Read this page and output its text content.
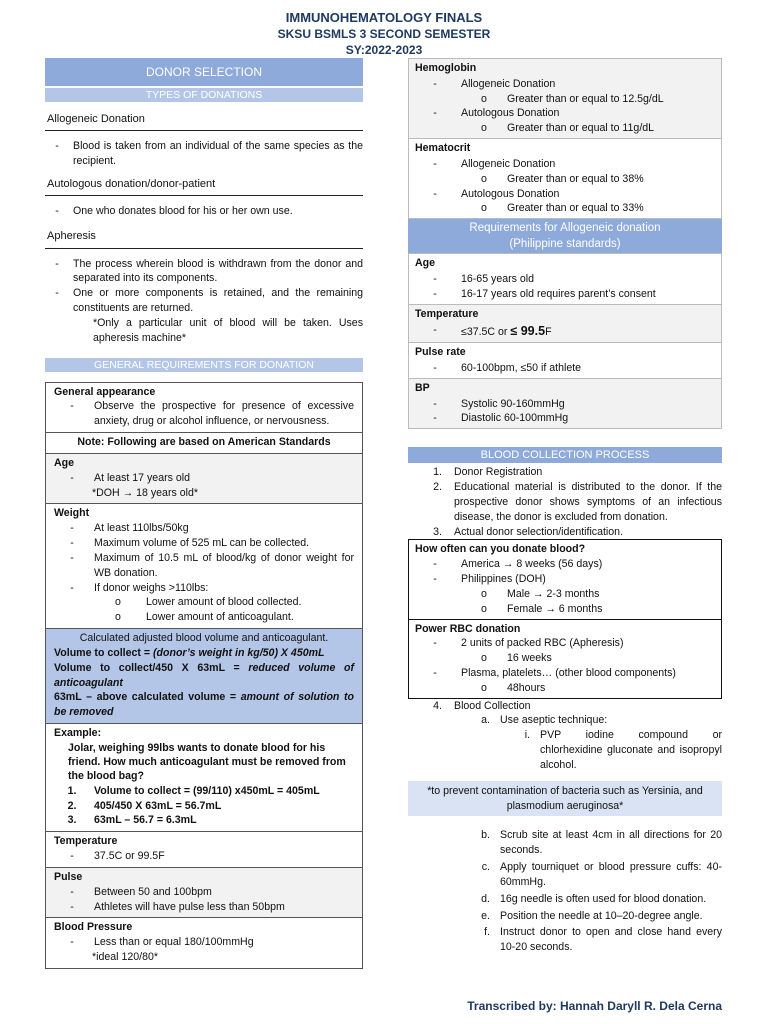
IMMUNOHEMATOLOGY FINALS
SKSU BSMLS 3 SECOND SEMESTER
SY:2022-2023
DONOR SELECTION
TYPES OF DONATIONS
Allogeneic Donation
-	Blood is taken from an individual of the same species as the recipient.
Autologous donation/donor-patient
-	One who donates blood for his or her own use.
Apheresis
-	The process wherein blood is withdrawn from the donor and separated into its components.
-	One or more components is retained, and the remaining constituents are returned.
*Only a particular unit of blood will be taken. Uses apheresis machine*
GENERAL REQUIREMENTS FOR DONATION
General appearance
-	Observe the prospective for presence of excessive anxiety, drug or alcohol influence, or nervousness.

Note: Following are based on American Standards

Age
-	At least 17 years old
*DOH → 18 years old*

Weight
-	At least 110lbs/50kg
-	Maximum volume of 525 mL can be collected.
-	Maximum of 10.5 mL of blood/kg of donor weight for WB donation.
-	If donor weighs >110lbs:
o	Lower amount of blood collected.
o	Lower amount of anticoagulant.

Calculated adjusted blood volume and anticoagulant.
Volume to collect = (donor’s weight in kg/50) X 450mL
Volume to collect/450 X 63mL = reduced volume of anticoagulant
63mL – above calculated volume = amount of solution to be removed

Example:
Jolar, weighing 99lbs wants to donate blood for his friend. How much anticoagulant must be removed from the blood bag?
1.	Volume to collect = (99/110) x450mL = 405mL
2.	405/450 X 63mL = 56.7mL
3.	63mL – 56.7 = 6.3mL

Temperature
-	37.5C or 99.5F

Pulse
-	Between 50 and 100bpm
-	Athletes will have pulse less than 50bpm

Blood Pressure
-	Less than or equal 180/100mmHg
*ideal 120/80*
Hemoglobin
-	Allogeneic Donation
o	Greater than or equal to 12.5g/dL
-	Autologous Donation
o	Greater than or equal to 11g/dL
Hematocrit
-	Allogeneic Donation
o	Greater than or equal to 38%
-	Autologous Donation
o	Greater than or equal to 33%
Requirements for Allogeneic donation (Philippine standards)
Age
-	16-65 years old
-	16-17 years old requires parent’s consent
Temperature
-	≤37.5C or ≤ 99.5F
Pulse rate
-	60-100bpm, ≤50 if athlete
BP
-	Systolic 90-160mmHg
-	Diastolic 60-100mmHg
BLOOD COLLECTION PROCESS
1.	Donor Registration
2.	Educational material is distributed to the donor. If the prospective donor shows symptoms of an infectious disease, the donor is excluded from donation.
3.	Actual donor selection/identification.
How often can you donate blood?
-	America → 8 weeks (56 days)
-	Philippines (DOH)
o	Male → 2-3 months
o	Female → 6 months
Power RBC donation
-	2 units of packed RBC (Apheresis)
o	16 weeks
-	Plasma, platelets… (other blood components)
o	48hours
4.	Blood Collection
a. Use aseptic technique:
i. PVP iodine compound or chlorhexidine gluconate and isopropyl alcohol.
*to prevent contamination of bacteria such as Yersinia, and plasmodium aeruginosa*
b. Scrub site at least 4cm in all directions for 20 seconds.
c. Apply tourniquet or blood pressure cuffs: 40-60mmHg.
d. 16g needle is often used for blood donation.
e. Position the needle at 10–20-degree angle.
f. Instruct donor to open and close hand every 10-20 seconds.
Transcribed by: Hannah Daryll R. Dela Cerna
